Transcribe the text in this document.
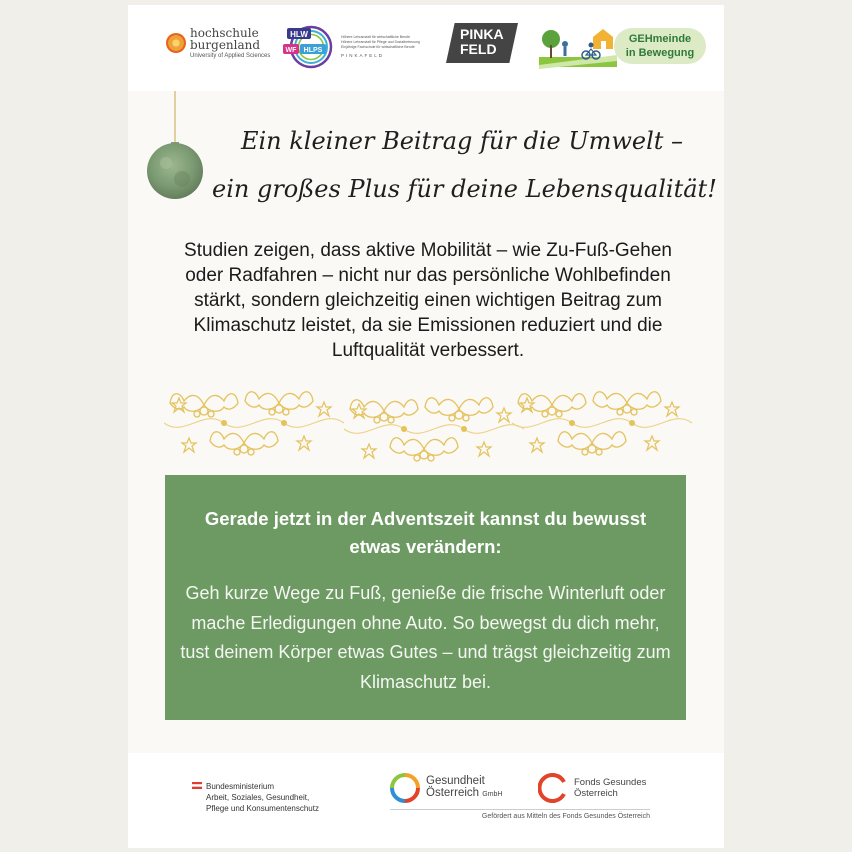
hochschule
burgenland
University of Applied Sciences
HLW
WF HLPS
Höhere Lehranstalt für wirtschaftliche Berufe
Höhere Lehranstalt für Pflege und Sozialbetreuung
Einjährige Fachschule für wirtschaftliche Berufe
PINKAFELD
PINKA
FELD
GEHmeinde
in Bewegung
Ein kleiner Beitrag für die Umwelt –
ein großes Plus für deine Lebensqualität!
Studien zeigen, dass aktive Mobilität – wie Zu-Fuß-Gehen oder Radfahren – nicht nur das persönliche Wohlbefinden stärkt, sondern gleichzeitig einen wichtigen Beitrag zum Klimaschutz leistet, da sie Emissionen reduziert und die Luftqualität verbessert.
Gerade jetzt in der Adventszeit kannst du bewusst etwas verändern:
Geh kurze Wege zu Fuß, genieße die frische Winterluft oder mache Erledigungen ohne Auto. So bewegst du dich mehr, tust deinem Körper etwas Gutes – und trägst gleichzeitig zum Klimaschutz bei.
Bundesministerium
Arbeit, Soziales, Gesundheit,
Pflege und Konsumentenschutz
Gesundheit
Österreich GmbH
Fonds Gesundes
Österreich
Gefördert aus Mitteln des Fonds Gesundes Österreich
